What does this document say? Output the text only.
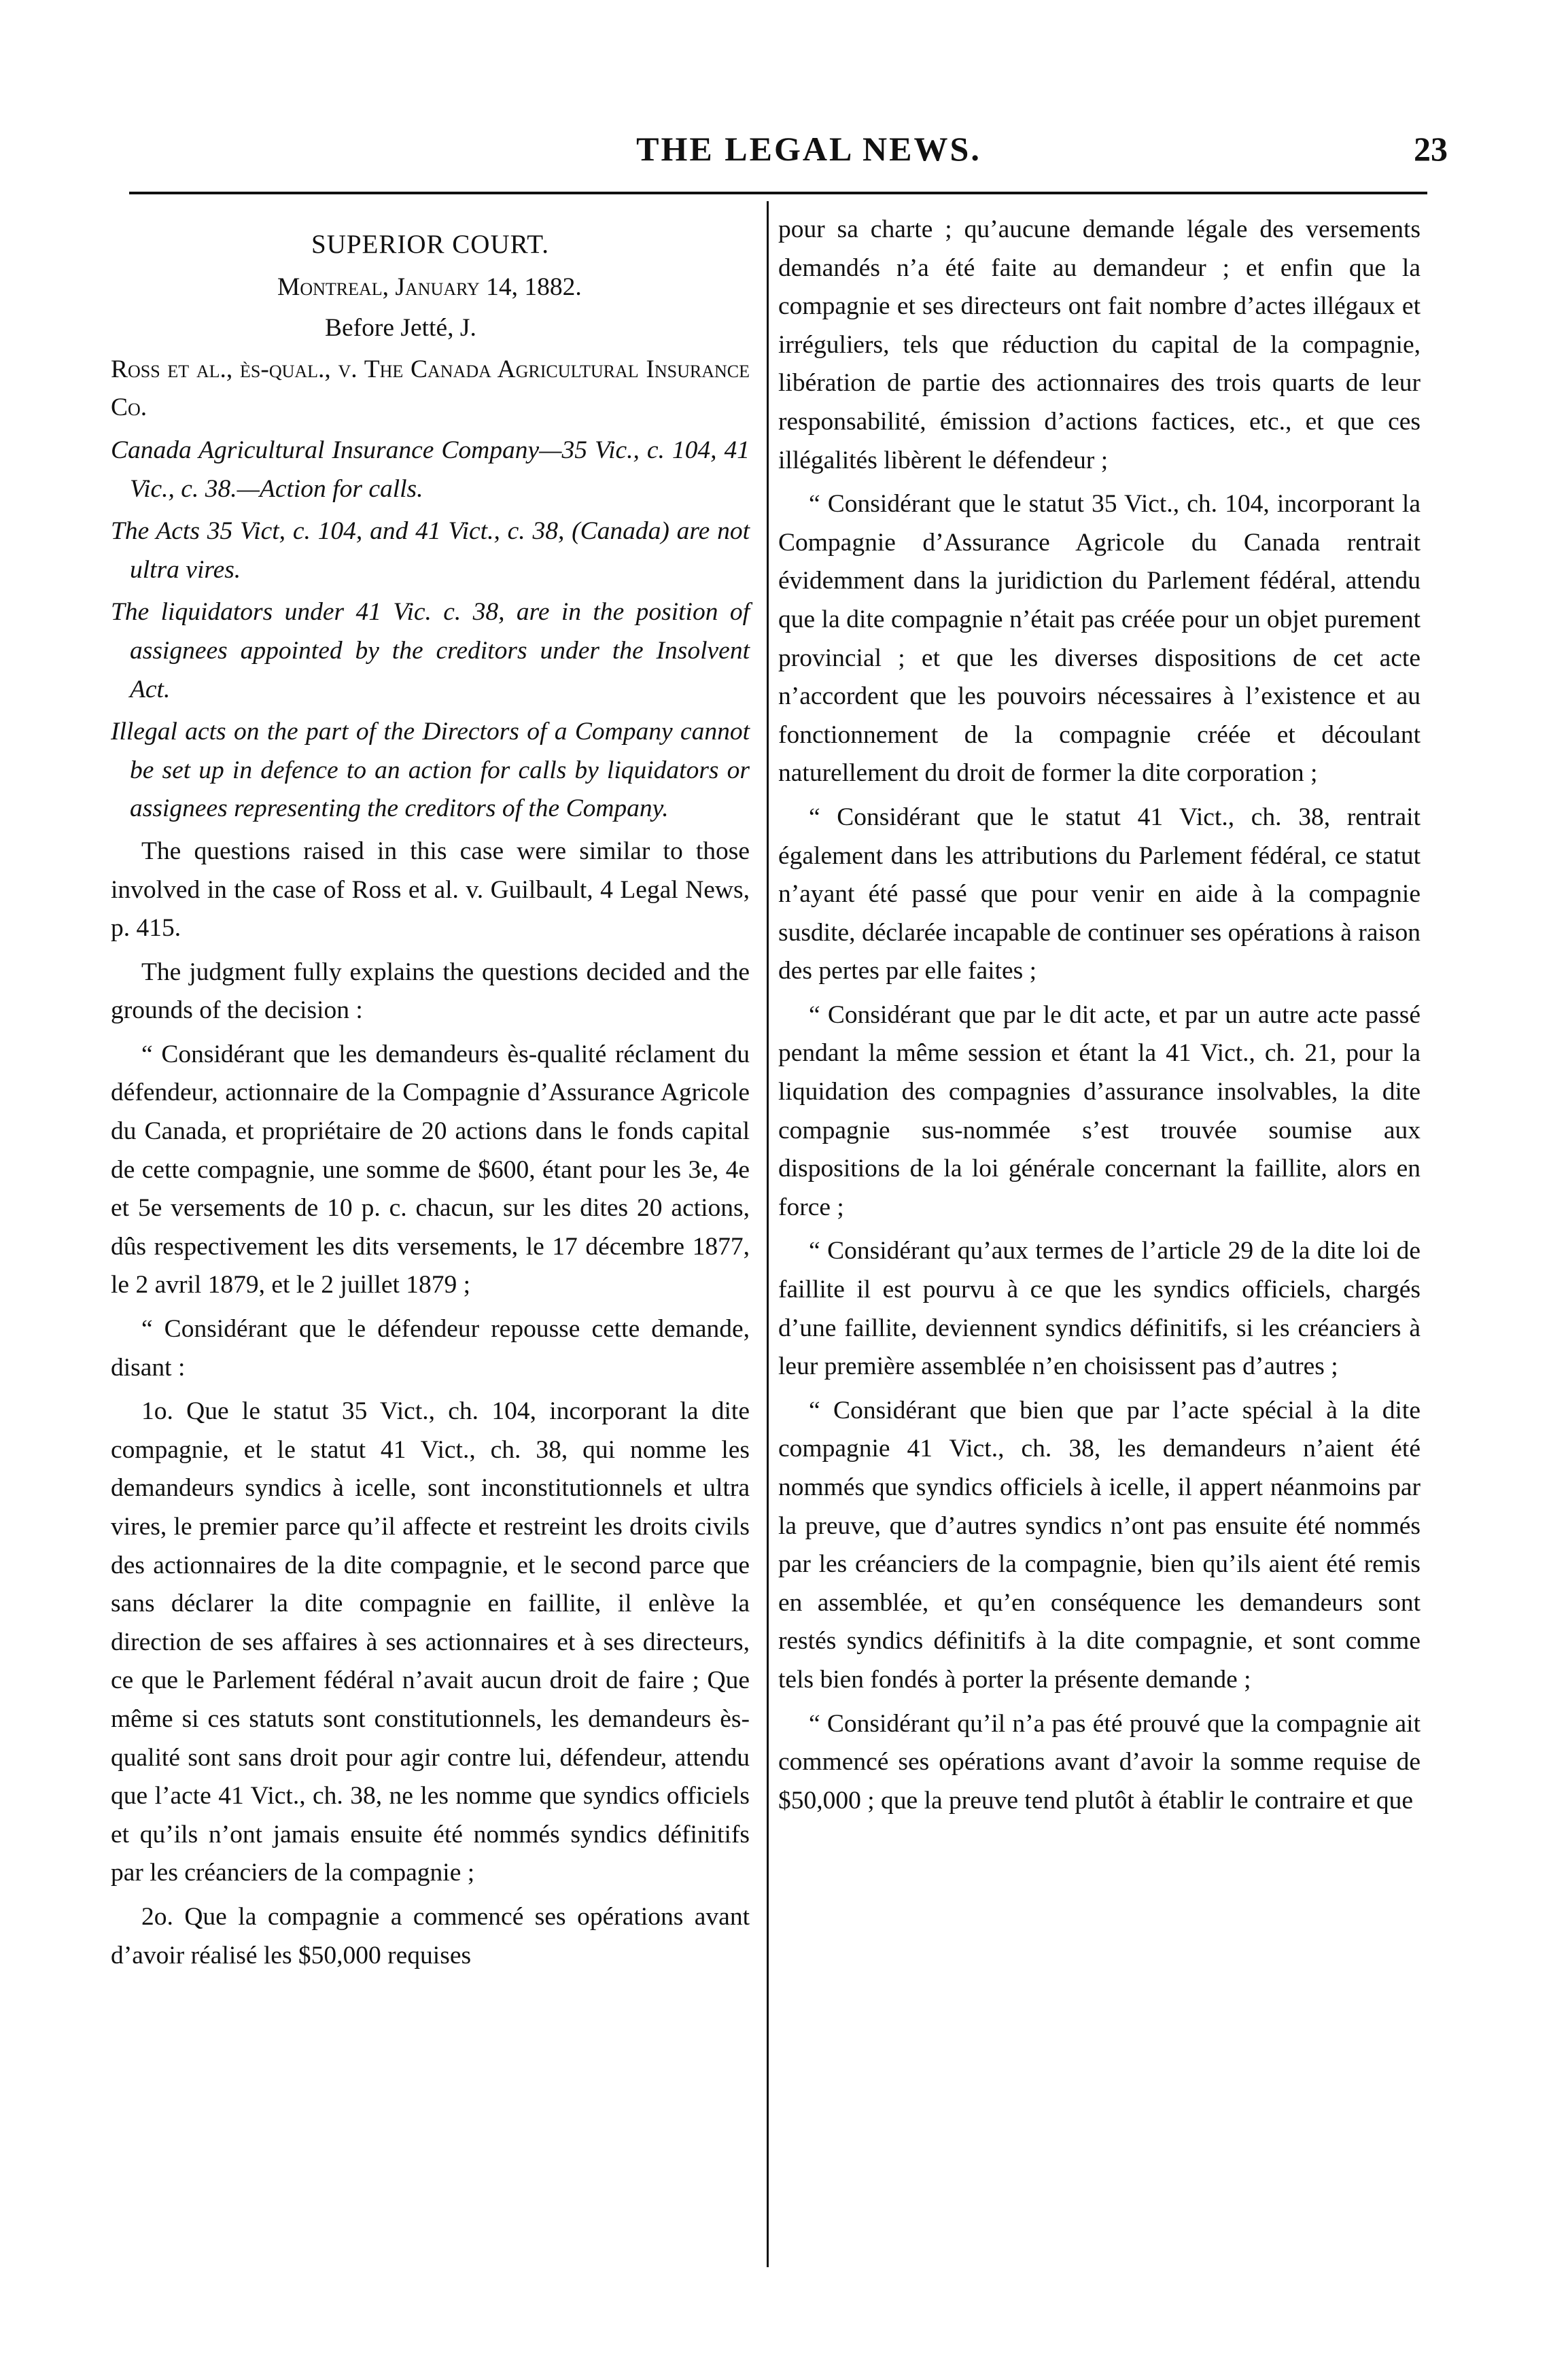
THE LEGAL NEWS.	23
SUPERIOR COURT.
Montreal, January 14, 1882.
Before Jetté, J.
Ross et al., ès-qual., v. The Canada Agricultural Insurance Co.
Canada Agricultural Insurance Company—35 Vic., c. 104, 41 Vic., c. 38.—Action for calls.
The Acts 35 Vict, c. 104, and 41 Vict., c. 38, (Canada) are not ultra vires.
The liquidators under 41 Vic. c. 38, are in the position of assignees appointed by the creditors under the Insolvent Act.
Illegal acts on the part of the Directors of a Company cannot be set up in defence to an action for calls by liquidators or assignees representing the creditors of the Company.

The questions raised in this case were similar to those involved in the case of Ross et al. v. Guilbault, 4 Legal News, p. 415.

The judgment fully explains the questions decided and the grounds of the decision :

“ Considérant que les demandeurs ès-qualité réclament du défendeur, actionnaire de la Compagnie d’Assurance Agricole du Canada, et propriétaire de 20 actions dans le fonds capital de cette compagnie, une somme de $600, étant pour les 3e, 4e et 5e versements de 10 p. c. chacun, sur les dites 20 actions, dûs respectivement les dits versements, le 17 décembre 1877, le 2 avril 1879, et le 2 juillet 1879 ;

“ Considérant que le défendeur repousse cette demande, disant :

1o. Que le statut 35 Vict., ch. 104, incorporant la dite compagnie, et le statut 41 Vict., ch. 38, qui nomme les demandeurs syndics à icelle, sont inconstitutionnels et ultra vires, le premier parce qu’il affecte et restreint les droits civils des actionnaires de la dite compagnie, et le second parce que sans déclarer la dite compagnie en faillite, il enlève la direction de ses affaires à ses actionnaires et à ses directeurs, ce que le Parlement fédéral n’avait aucun droit de faire ; Que même si ces statuts sont constitutionnels, les demandeurs ès-qualité sont sans droit pour agir contre lui, défendeur, attendu que l’acte 41 Vict., ch. 38, ne les nomme que syndics officiels et qu’ils n’ont jamais ensuite été nommés syndics définitifs par les créanciers de la compagnie ;

2o. Que la compagnie a commencé ses opérations avant d’avoir réalisé les $50,000 requises

pour sa charte ; qu’aucune demande légale des versements demandés n’a été faite au demandeur ; et enfin que la compagnie et ses directeurs ont fait nombre d’actes illégaux et irréguliers, tels que réduction du capital de la compagnie, libération de partie des actionnaires des trois quarts de leur responsabilité, émission d’actions factices, etc., et que ces illégalités libèrent le défendeur ;

“ Considérant que le statut 35 Vict., ch. 104, incorporant la Compagnie d’Assurance Agricole du Canada rentrait évidemment dans la juridiction du Parlement fédéral, attendu que la dite compagnie n’était pas créée pour un objet purement provincial ; et que les diverses dispositions de cet acte n’accordent que les pouvoirs nécessaires à l’existence et au fonctionnement de la compagnie créée et découlant naturellement du droit de former la dite corporation ;

“ Considérant que le statut 41 Vict., ch. 38, rentrait également dans les attributions du Parlement fédéral, ce statut n’ayant été passé que pour venir en aide à la compagnie susdite, déclarée incapable de continuer ses opérations à raison des pertes par elle faites ;

“ Considérant que par le dit acte, et par un autre acte passé pendant la même session et étant la 41 Vict., ch. 21, pour la liquidation des compagnies d’assurance insolvables, la dite compagnie sus-nommée s’est trouvée soumise aux dispositions de la loi générale concernant la faillite, alors en force ;

“ Considérant qu’aux termes de l’article 29 de la dite loi de faillite il est pourvu à ce que les syndics officiels, chargés d’une faillite, deviennent syndics définitifs, si les créanciers à leur première assemblée n’en choisissent pas d’autres ;

“ Considérant que bien que par l’acte spécial à la dite compagnie 41 Vict., ch. 38, les demandeurs n’aient été nommés que syndics officiels à icelle, il appert néanmoins par la preuve, que d’autres syndics n’ont pas ensuite été nommés par les créanciers de la compagnie, bien qu’ils aient été remis en assemblée, et qu’en conséquence les demandeurs sont restés syndics définitifs à la dite compagnie, et sont comme tels bien fondés à porter la présente demande ;

“ Considérant qu’il n’a pas été prouvé que la compagnie ait commencé ses opérations avant d’avoir la somme requise de $50,000 ; que la preuve tend plutôt à établir le contraire et que
